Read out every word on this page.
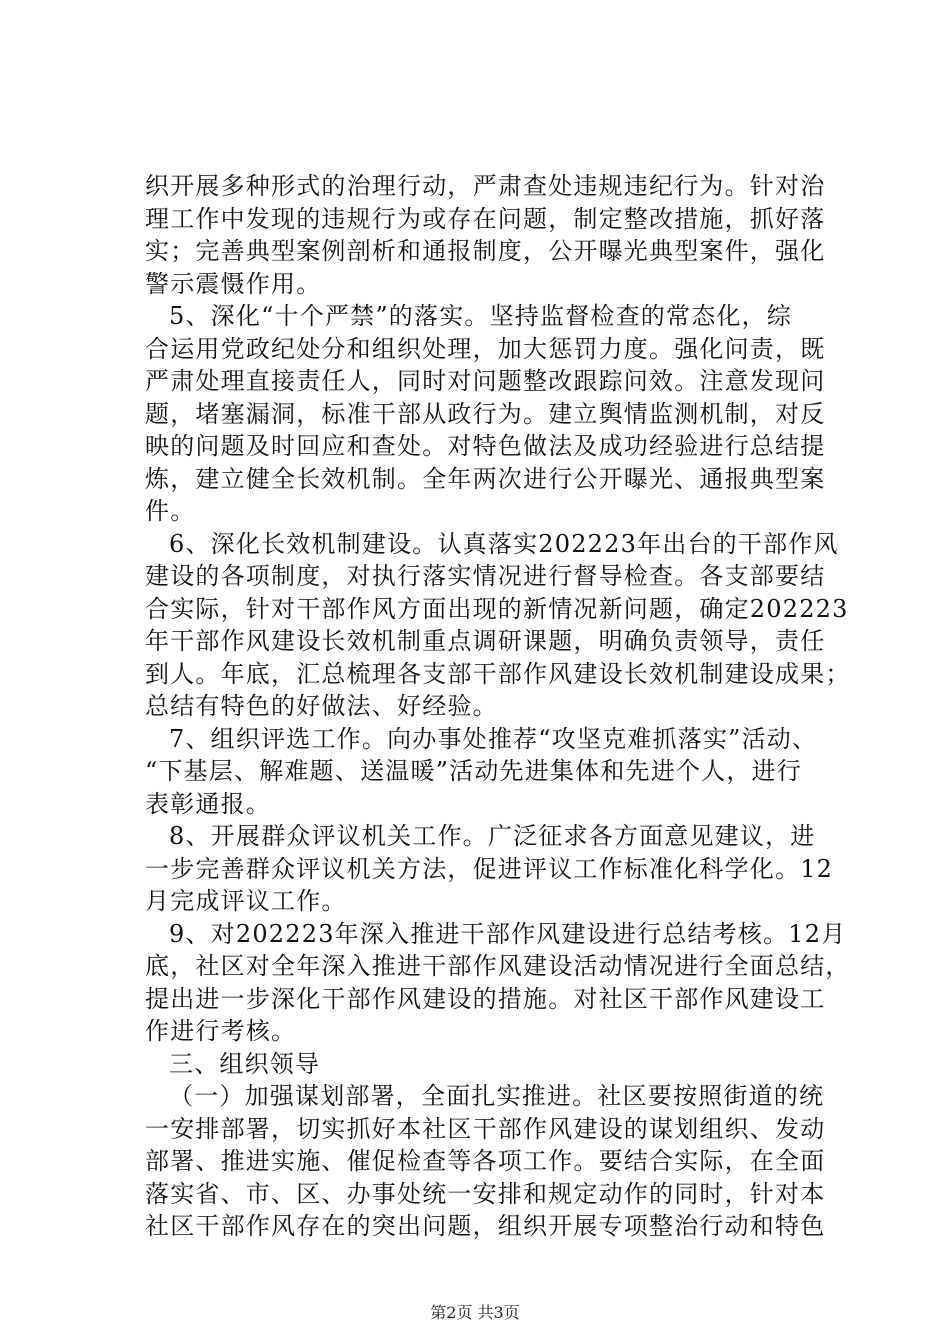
织开展多种形式的治理行动，严肃查处违规违纪行为。针对治
理工作中发现的违规行为或存在问题，制定整改措施，抓好落
实；完善典型案例剖析和通报制度，公开曝光典型案件，强化
警示震慑作用。
5、深化“十个严禁”的落实。坚持监督检查的常态化，综
合运用党政纪处分和组织处理，加大惩罚力度。强化问责，既
严肃处理直接责任人，同时对问题整改跟踪问效。注意发现问
题，堵塞漏洞，标准干部从政行为。建立舆情监测机制，对反
映的问题及时回应和查处。对特色做法及成功经验进行总结提
炼，建立健全长效机制。全年两次进行公开曝光、通报典型案
件。
6、深化长效机制建设。认真落实202223年出台的干部作风
建设的各项制度，对执行落实情况进行督导检查。各支部要结
合实际，针对干部作风方面出现的新情况新问题，确定202223
年干部作风建设长效机制重点调研课题，明确负责领导，责任
到人。年底，汇总梳理各支部干部作风建设长效机制建设成果；
总结有特色的好做法、好经验。
7、组织评选工作。向办事处推荐“攻坚克难抓落实”活动、
“下基层、解难题、送温暖”活动先进集体和先进个人，进行
表彰通报。
8、开展群众评议机关工作。广泛征求各方面意见建议，进
一步完善群众评议机关方法，促进评议工作标准化科学化。12
月完成评议工作。
9、对202223年深入推进干部作风建设进行总结考核。12月
底，社区对全年深入推进干部作风建设活动情况进行全面总结，
提出进一步深化干部作风建设的措施。对社区干部作风建设工
作进行考核。
三、组织领导
（一）加强谋划部署，全面扎实推进。社区要按照街道的统
一安排部署，切实抓好本社区干部作风建设的谋划组织、发动
部署、推进实施、催促检查等各项工作。要结合实际，在全面
落实省、市、区、办事处统一安排和规定动作的同时，针对本
社区干部作风存在的突出问题，组织开展专项整治行动和特色
第2页 共3页
